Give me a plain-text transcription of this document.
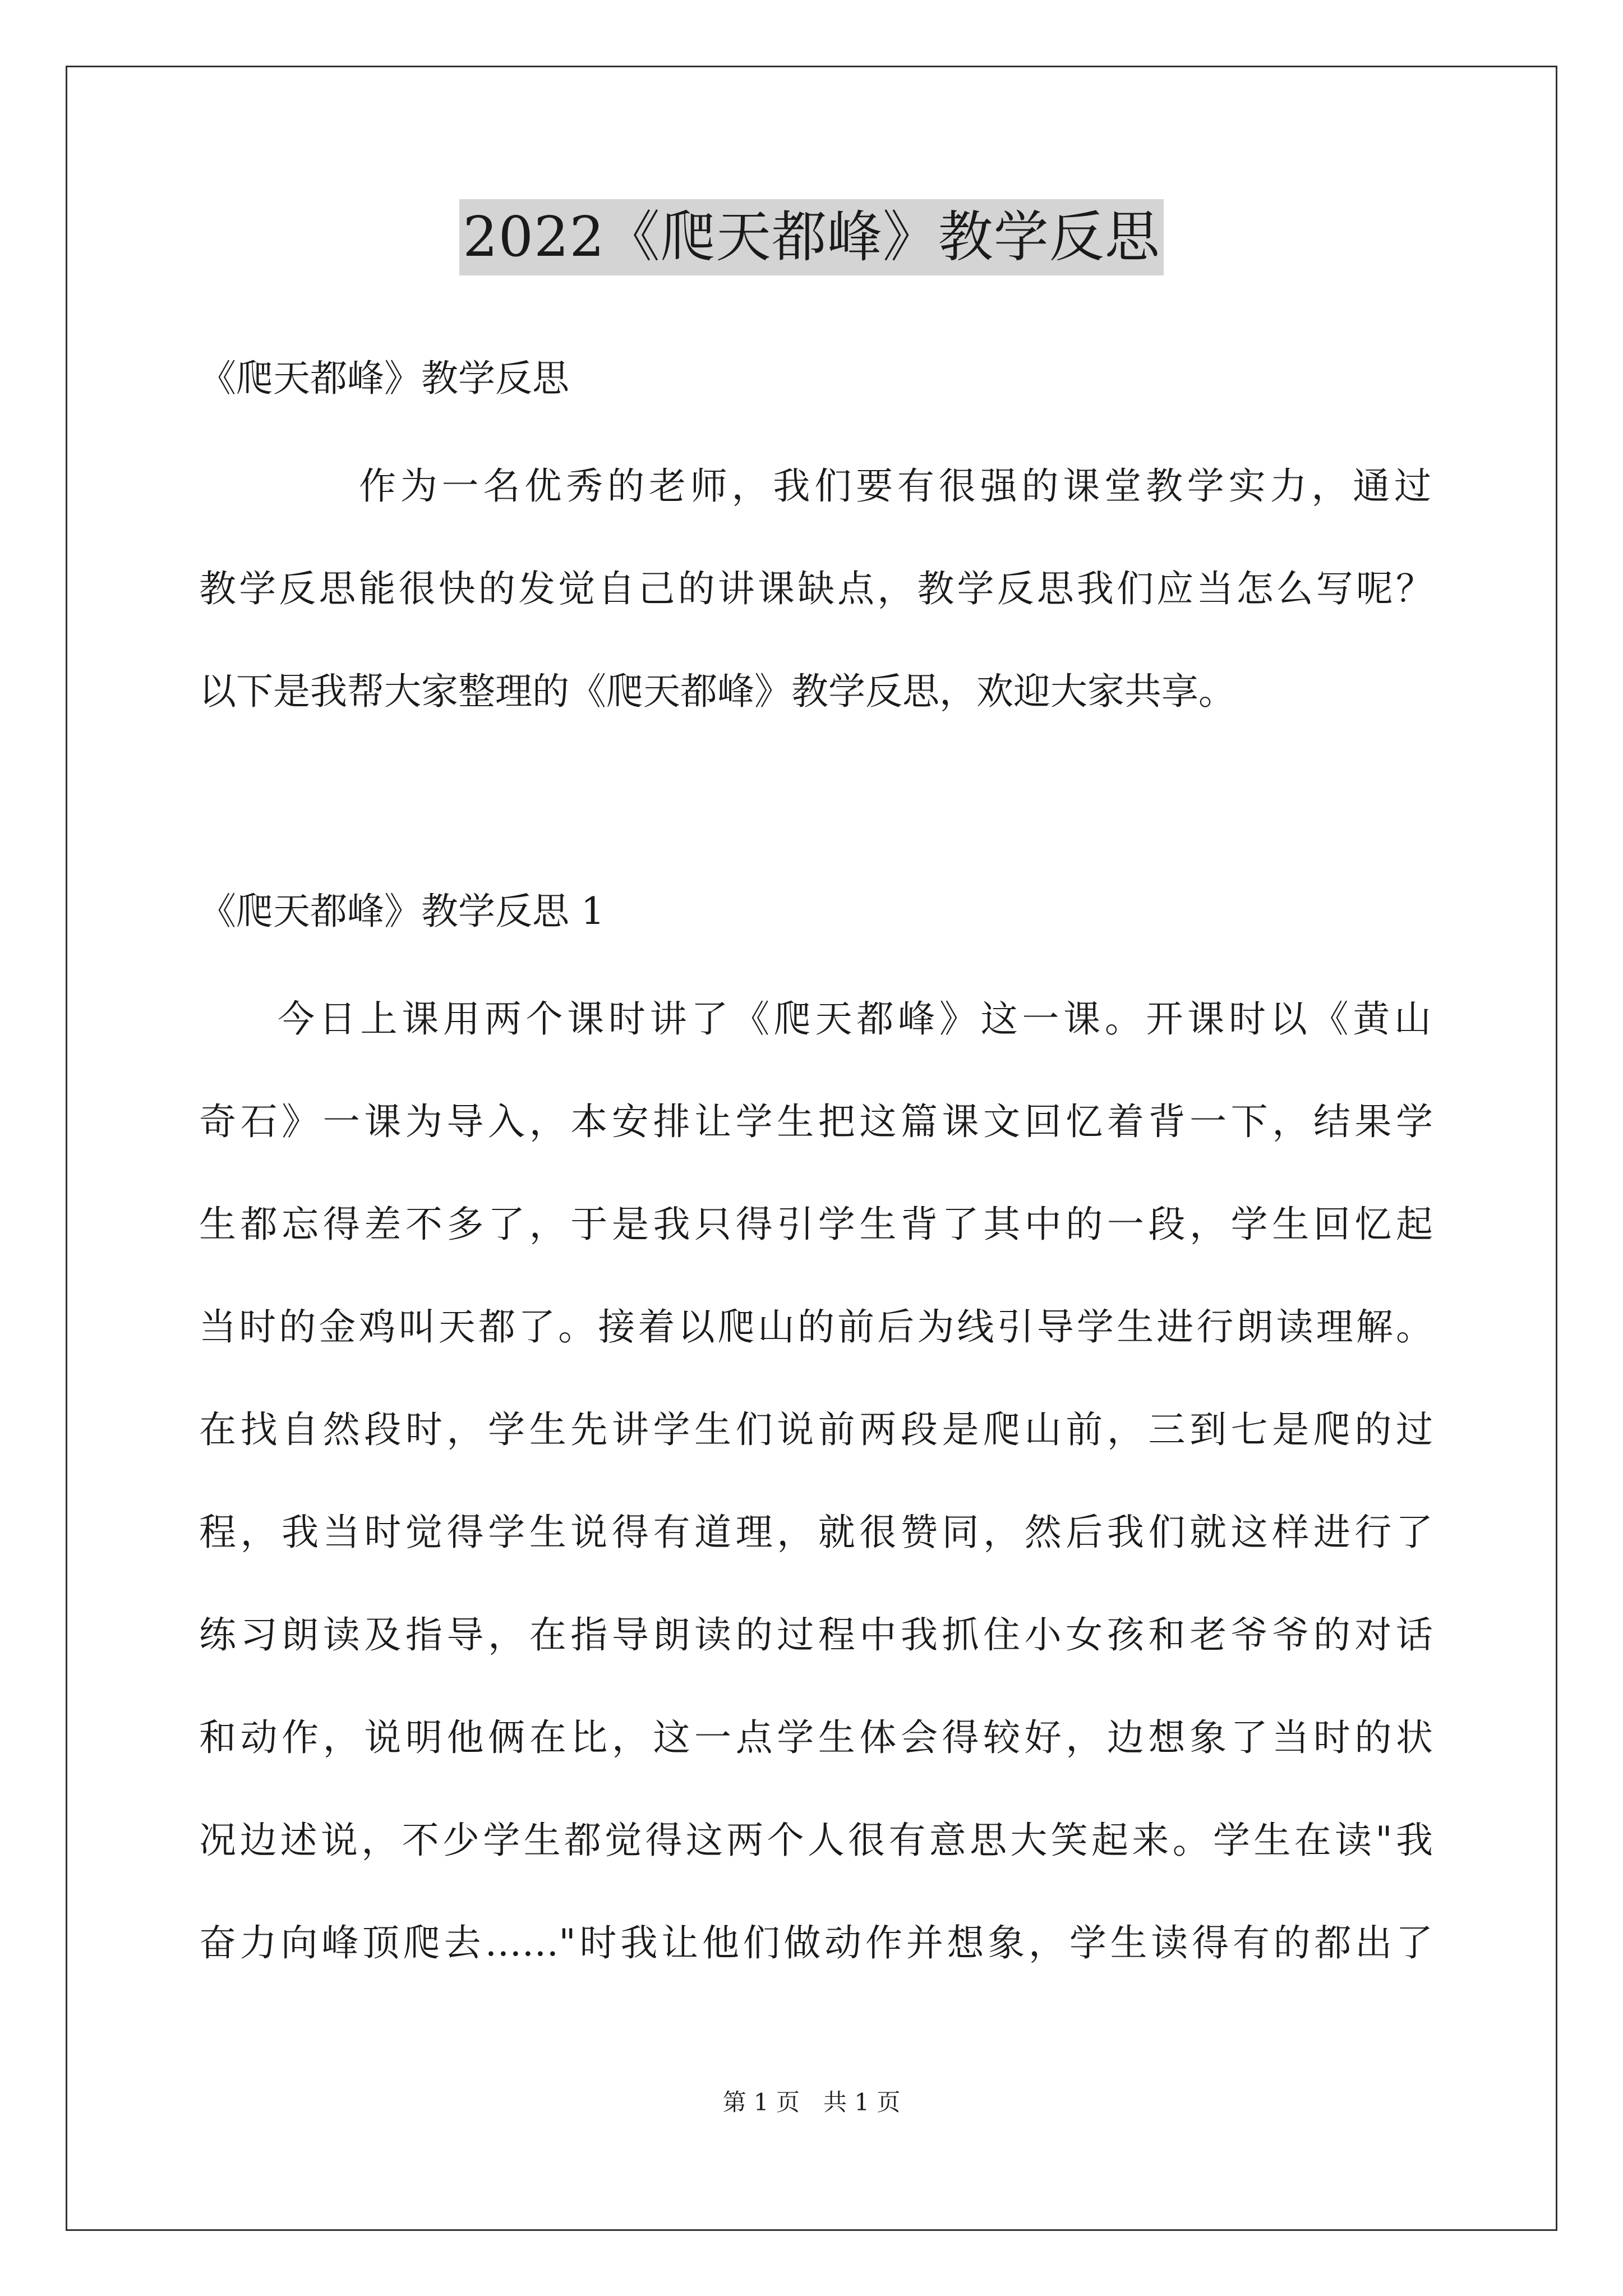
2022《爬天都峰》教学反思
《爬天都峰》教学反思
作为一名优秀的老师，我们要有很强的课堂教学实力，通过
教学反思能很快的发觉自己的讲课缺点，教学反思我们应当怎么写呢？
以下是我帮大家整理的《爬天都峰》教学反思，欢迎大家共享。
《爬天都峰》教学反思 1
今日上课用两个课时讲了《爬天都峰》这一课。开课时以《黄山
奇石》一课为导入，本安排让学生把这篇课文回忆着背一下，结果学
生都忘得差不多了，于是我只得引学生背了其中的一段，学生回忆起
当时的金鸡叫天都了。接着以爬山的前后为线引导学生进行朗读理解。
在找自然段时，学生先讲学生们说前两段是爬山前，三到七是爬的过
程，我当时觉得学生说得有道理，就很赞同，然后我们就这样进行了
练习朗读及指导，在指导朗读的过程中我抓住小女孩和老爷爷的对话
和动作，说明他俩在比，这一点学生体会得较好，边想象了当时的状
况边述说，不少学生都觉得这两个人很有意思大笑起来。学生在读"我
奋力向峰顶爬去……"时我让他们做动作并想象，学生读得有的都出了
第 1 页　共 1 页
